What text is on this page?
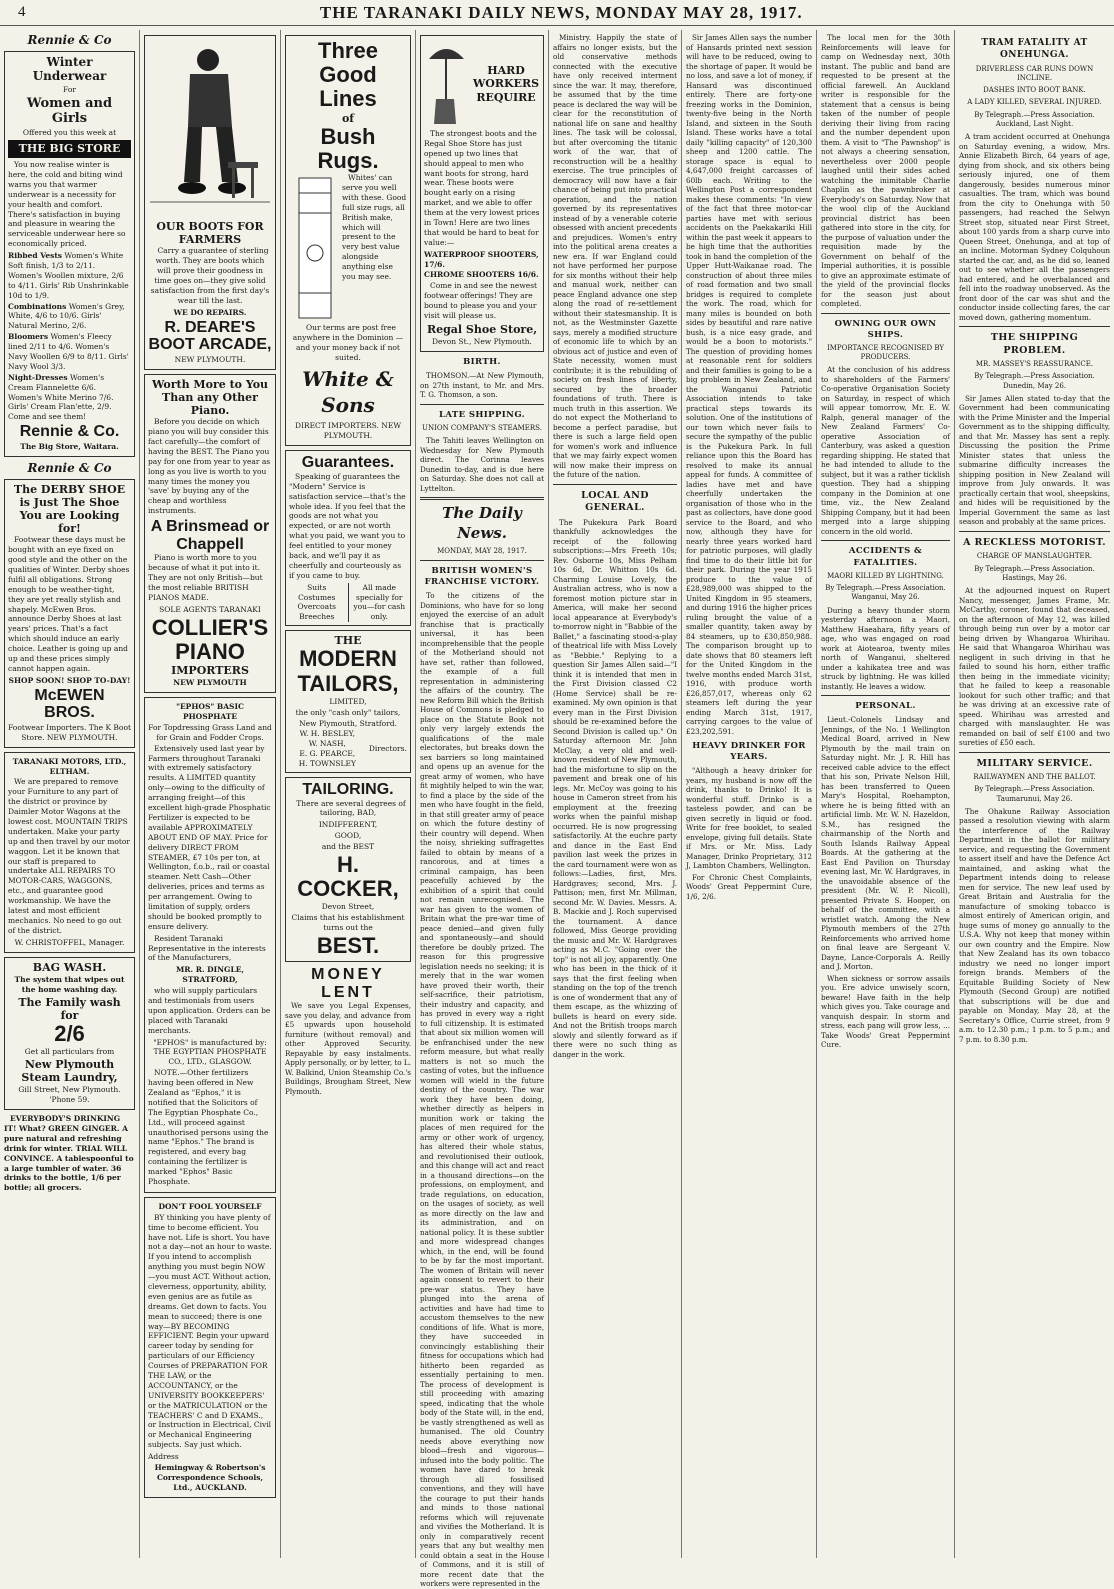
4	THE TARANAKI DAILY NEWS, MONDAY MAY 28, 1917.
Rennie & Co
Winter Underwear
For
Women and Girls
Offered you this week at
THE BIG STORE

You now realise winter is here, the cold and biting wind warns you that warmer underwear is a necessity for your health and comfort. There's satisfaction in buying and pleasure in wearing the serviceable underwear here so economically priced.

Ribbed Vests Women's White Soft finish, 1/3 to 2/11. Women's Woollen mixture, 2/6 to 4/11. Girls' Rib Unshrinkable 10d to 1/9.
Combinations Women's Grey, White, 4/6 to 10/6. Girls' Natural Merino, 2/6.
Bloomers Women's Fleecy lined 2/11 to 4/6. Women's Navy Woollen 6/9 to 8/11. Girls' Navy Wool 3/3.
Night-Dresses Women's Cream Flannelette 6/6. Women's White Merino 7/6. Girls' Cream Flan'ette, 2/9. Come and see them!
Rennie & Co.
The Big Store, Waitara.
Rennie & Co
The DERBY SHOE is Just The Shoe You are Looking for!

Footwear these days must be bought with an eye fixed on good style and the other on the qualities of Winter. Derby shoes fulfil all obligations. Strong enough to be weather-tight, they are yet really stylish and shapely. McEwen Bros. announce Derby Shoes at last years' prices. That's a fact which should induce an early choice. Leather is going up and up and these prices simply cannot happen again.

SHOP SOON! SHOP TO-DAY!
McEWEN BROS.
Footwear Importers. The K Boot Store. NEW PLYMOUTH.
TARANAKI MOTORS, LTD., ELTHAM.

We are prepared to remove your Furniture to any part of the district or province by Daimler Motor Wagons at the lowest cost. MOUNTAIN TRIPS undertaken. Make your party up and then travel by our motor waggon. Let it be known that our staff is prepared to undertake ALL REPAIRS TO MOTOR-CARS, WAGGONS, etc., and guarantee good workmanship. We have the latest and most efficient mechanics. No need to go out of the district.

W. CHRISTOFFEL, Manager.
BAG WASH.
The system that wipes out the home washing day.
The Family wash for
2/6
Get all particulars from
New Plymouth Steam Laundry,
Gill Street, New Plymouth. 'Phone 59.

EVERYBODY'S DRINKING IT! What? GREEN GINGER. A pure natural and refreshing drink for winter. TRIAL WILL CONVINCE. A tablespoonful to a large tumbler of water. 36 drinks to the bottle, 1/6 per bottle; all grocers.

OUR BOOTS FOR FARMERS

Carry a guarantee of sterling worth. They are boots which will prove their goodness in time goes on—they give solid satisfaction from the first day's wear till the last.

WE DO REPAIRS.
R. DEARE'S BOOT ARCADE,
NEW PLYMOUTH.
Worth More to You Than any Other Piano.

Before you decide on which piano you will buy consider this fact carefully—the comfort of having the BEST. The Piano you pay for one from year to year as long as you live is worth to you many times the money you 'save' by buying any of the cheap and worthless instruments.

A Brinsmead or Chappell

Piano is worth more to you because of what it put into it. They are not only British—but the most reliable BRITISH PIANOS MADE.

SOLE AGENTS TARANAKI
COLLIER'S
PIANO
IMPORTERS
NEW PLYMOUTH
"EPHOS" BASIC PHOSPHATE
For Topdressing Grass Land and for Grain and Fodder Crops.

Extensively used last year by Farmers throughout Taranaki with extremely satisfactory results. A LIMITED quantity only—owing to the difficulty of arranging freight—of this excellent high-grade Phosphatic Fertilizer is expected to be available APPROXIMATELY ABOUT END OF MAY. Price for delivery DIRECT FROM STEAMER, £7 10s per ton, at Wellington, f.o.b., rail or coastal steamer. Nett Cash—Other deliveries, prices and terms as per arrangement. Owing to limitation of supply, orders should be booked promptly to ensure delivery.

Resident Taranaki Representative in the interests of the Manufacturers,

MR. R. DINGLE, STRATFORD,

who will supply particulars and testimonials from users upon application. Orders can be placed with Taranaki merchants.

"EPHOS" is manufactured by: THE EGYPTIAN PHOSPHATE CO., LTD., GLASGOW.

NOTE.—Other fertilizers having been offered in New Zealand as "Ephos," it is notified that the Solicitors of The Egyptian Phosphate Co., Ltd., will proceed against unauthorised persons using the name "Ephos." The brand is registered, and every bag containing the fertilizer is marked "Ephos" Basic Phosphate.

DON'T FOOL YOURSELF

BY thinking you have plenty of time to become efficient. You have not. Life is short. You have not a day—not an hour to waste. If you intend to accomplish anything you must begin NOW—you must ACT. Without action, cleverness, opportunity, ability, even genius are as futile as dreams. Get down to facts. You mean to succeed; there is one way—BY BECOMING EFFICIENT. Begin your upward career today by sending for particulars of our Efficiency Courses of PREPARATION FOR THE LAW, or the ACCOUNTANCY, or the UNIVERSITY BOOKKEEPERS' or the MATRICULATION or the TEACHERS' C and D EXAMS., or Instruction in Electrical, Civil or Mechanical Engineering subjects. Say just which.

Address
Hemingway & Robertson's Correspondence Schools, Ltd., AUCKLAND.
Three
Good Lines
of
Bush Rugs.

Whites' can serve you well with these. Good full size rugs, all British make, which will present to the very best value alongside anything else you may see.

Our terms are post free anywhere in the Dominion — and your money back if not suited.

White & Sons
DIRECT IMPORTERS. NEW PLYMOUTH.
Guarantees.

Speaking of guarantees the "Modern" Service is satisfaction service—that's the whole idea. If you feel that the goods are not what you expected, or are not worth what you paid, we want you to feel entitled to your money back, and we'll pay it as cheerfully and courteously as if you came to buy.

Suits
Costumes
Overcoats
Breeches
All made specially for you—for cash only.
THE
MODERN
TAILORS,
LIMITED,
the only "cash only" tailors,
New Plymouth, Stratford.
W. H. BESLEY,
W. NASH,
E. G. PEARCE,
H. TOWNSLEY
Directors.
TAILORING.

There are several degrees of tailoring, BAD,

INDIFFERENT,
GOOD,
and the BEST
H. COCKER,
Devon Street,
Claims that his establishment turns out the
BEST.
MONEY LENT

We save you Legal Expenses, save you delay, and advance from £5 upwards upon household furniture (without removal) and other Approved Security. Repayable by easy instalments. Apply personally, or by letter, to L. W. Balkind, Union Steamship Co.'s Buildings, Brougham Street, New Plymouth.

HARD WORKERS REQUIRE

The strongest boots and the Regal Shoe Store has just opened up two lines that should appeal to men who want boots for strong, hard wear. These boots were bought early on a rising market, and we able to offer them at the very lowest prices in Town! Here are two lines that would be hard to beat for value:—

WATERPROOF SHOOTERS, 17/6.
CHROME SHOOTERS 16/6.

Come in and see the newest footwear offerings! They are bound to please you and your visit will please us.

Regal Shoe Store,
Devon St., New Plymouth.
BIRTH.

THOMSON.—At New Plymouth, on 27th instant, to Mr. and Mrs. T. G. Thomson, a son.

LATE SHIPPING.
UNION COMPANY'S STEAMERS.

The Tahiti leaves Wellington on Wednesday for New Plymouth direct. The Corinna leaves Dunedin to-day, and is due here on Saturday. She does not call at Lyttelton.

The Daily News.
MONDAY, MAY 28, 1917.
BRITISH WOMEN'S FRANCHISE VICTORY.

To the citizens of the Dominions, who have for so long enjoyed the exercise of an adult franchise that is practically universal, it has been incomprehensible that the people of the Motherland should not have set, rather than followed, the example of a full representation in administering the affairs of the country. The new Reform Bill which the British House of Commons is pledged to place on the Statute Book not only very largely extends the qualifications of the male electorates, but breaks down the sex barriers so long maintained and opens up an avenue for the great army of women, who have fit mightily helped to win the war, to find a place by the side of the men who have fought in the field, in that still greater army of peace on which the future destiny of their country will depend. When the noisy, shrieking suffragettes failed to obtain by means of a rancorous, and at times a criminal campaign, has been peacefully achieved by the exhibition of a spirit that could not remain unrecognised. The war has given to the women of Britain what the pre-war time of peace denied—and given fully and spontaneously—and should therefore be doubly prized. The reason for this progressive legislation needs no seeking; it is merely that in the war women have proved their worth, their self-sacrifice, their patriotism, their industry and capacity, and has proved in every way a right to full citizenship. It is estimated that about six million women will be enfranchised under the new reform measure, but what really matters is not so much the casting of votes, but the influence women will wield in the future destiny of the country. The war work they have been doing, whether directly as helpers in munition work or taking the places of men required for the army or other work of urgency, has altered their whole status, and revolutionised their outlook, and this change will act and react in a thousand directions—on the professions, on employment, and trade regulations, on education, on the usages of society, as well as more directly on the law and its administration, and on national policy. It is these subtler and more widespread changes which, in the end, will be found to be by far the most important. The women of Britain will never again consent to revert to their pre-war status. They have plunged into the arena of activities and have had time to accustom themselves to the new conditions of life. What is more, they have succeeded in convincingly establishing their fitness for occupations which had hitherto been regarded as essentially pertaining to men. The process of development is still proceeding with amazing speed, indicating that the whole body of the State will, in the end, be vastly strengthened as well as humanised. The old Country needs above everything now blood—fresh and vigorous—infused into the body politic. The women have dared to break through all fossilised conventions, and they will have the courage to put their hands and minds to those national reforms which will rejuvenate and vivifies the Motherland. It is only in comparatively recent years that any but wealthy men could obtain a seat in the House of Commons, and it is still of more recent date that the workers were represented in the

Ministry. Happily the state of affairs no longer exists, but the old conservative methods connected with the executive have only received interment since the war. It may, therefore, be assumed that by the time peace is declared the way will be clear for the reconstitution of national life on sane and healthy lines. The task will be colossal, but after overcoming the titanic work of the war, that of reconstruction will be a healthy exercise. The true principles of democracy will now have a fair chance of being put into practical operation, and the nation governed by its representatives instead of by a venerable coterie obsessed with ancient precedents and prejudices. Women's entry into the political arena creates a new era. If war England could not have performed her purpose for six months without their help and manual work, neither can peace England advance one step along the road of re-settlement without their statesmanship. It is not, as the Westminster Gazette says, merely a modified structure of economic life to which by an obvious act of justice and even of State necessity, women must contribute; it is the rebuilding of society on fresh lines of liberty, secured by the broader foundations of truth. There is much truth in this assertion. We do not expect the Motherland to become a perfect paradise, but there is such a large field open for women's work and influence that we may fairly expect women will now make their impress on the future of the nation.

LOCAL AND GENERAL.

The Pukekura Park Board thankfully acknowledges the receipt of the following subscriptions:—Mrs Freeth 10s; Rev. Osborne 10s, Miss Pelham 10s 6d, Dr. Whitton 10s 6d. Charming Louise Lovely, the Australian actress, who is now a foremost motion picture star in America, will make her second local appearance at Everybody's to-morrow night in "Babbie of the Ballet," a fascinating stood-a-play of theatrical life with Miss Lovely as "Bebbie." Replying to a question Sir James Allen said—"I think it is intended that men in the First Division classed C2 (Home Service) shall be re-examined. My own opinion is that every man in the First Division should be re-examined before the Second Division is called up." On Saturday afternoon Mr. John McClay, a very old and well-known resident of New Plymouth, had the misfortune to slip on the pavement and break one of his legs. Mr. McCoy was going to his house in Cameron street from his employment at the freezing works when the painful mishap occurred. He is now progressing satisfactorily. At the euchre party and dance in the East End pavilion last week the prizes in the card tournament were won as follows:—Ladies, first, Mrs. Hardgraves; second, Mrs. J. Pattison; men, first Mr. Millman, second Mr. W. Davies. Messrs. A. B. Mackie and J. Roch supervised the tournament. A dance followed, Miss George providing the music and Mr. W. Hardgraves acting as M.C. "Going over the top" is not all joy, apparently. One who has been in the thick of it says that the first feeling when standing on the top of the trench is one of wonderment that any of them escape, as the whizzing of bullets is heard on every side. And not the British troops march slowly and silently forward as if there were no such thing as danger in the work.

Sir James Allen says the number of Hansards printed next session will have to be reduced, owing to the shortage of paper. It would be no loss, and save a lot of money, if Hansard was discontinued entirely. There are forty-one freezing works in the Dominion, twenty-five being in the North Island, and sixteen in the South Island. These works have a total daily "killing capacity" of 120,300 sheep and 1200 cattle. The storage space is equal to 4,647,000 freight carcasses of 60lb each. Writing to the Wellington Post a correspondent makes these comments: "In view of the fact that three motor-car parties have met with serious accidents on the Paekakariki Hill within the past week it appears to be high time that the authorities took in hand the completion of the Upper Hutt-Waikanae road. The construction of about three miles of road formation and two small bridges is required to complete the work. The road, which for many miles is bounded on both sides by beautiful and rare native bush, is a nice easy grade, and would be a boon to motorists." The question of providing homes at reasonable rent for soldiers and their families is going to be a big problem in New Zealand, and the Wanganui Patriotic Association intends to take practical steps towards its solution. One of the institutions of our town which never fails to secure the sympathy of the public is the Pukekura Park. In full reliance upon this the Board has resolved to make its annual appeal for funds. A committee of ladies have met and have cheerfully undertaken the organisation of those who in the past as collectors, have done good service to the Board, and who now, although they have for nearly three years worked hard for patriotic purposes, will gladly find time to do their little bit for their park. During the year 1915 produce to the value of £28,989,000 was shipped to the United Kingdom in 95 steamers, and during 1916 the higher prices ruling brought the value of a smaller quantity, taken away by 84 steamers, up to £30,850,988. The comparison brought up to date shows that 80 steamers left for the United Kingdom in the twelve months ended March 31st, 1916, with produce worth £26,857,017, whereas only 62 steamers left during the year ending March 31st, 1917, carrying cargoes to the value of £23,202,591.

HEAVY DRINKER FOR YEARS.

"Although a heavy drinker for years, my husband is now off the drink, thanks to Drinko! It is wonderful stuff. Drinko is a tasteless powder, and can be given secretly in liquid or food. Write for free booklet, to sealed envelope, giving full details. State if Mrs. or Mr. Miss. Lady Manager, Drinko Proprietary, 312 J, Lambton Chambers, Wellington.

For Chronic Chest Complaints, Woods' Great Peppermint Cure, 1/6, 2/6.

The local men for the 30th Reinforcements will leave for camp on Wednesday next, 30th instant. The public and band are requested to be present at the official farewell. An Auckland writer is responsible for the statement that a census is being taken of the number of people deriving their living from racing and the number dependent upon them. A visit to "The Pawnshop" is not always a cheering sensation, nevertheless over 2000 people laughed until their sides ached watching the inimitable Charlie Chaplin as the pawnbroker at Everybody's on Saturday. Now that the wool clip of the Auckland provincial district has been gathered into store in the city, for the purpose of valuation under the requisition made by the Government on behalf of the Imperial authorities, it is possible to give an approximate estimate of the yield of the provincial flocks for the season just about completed.

OWNING OUR OWN SHIPS.
IMPORTANCE RECOGNISED BY PRODUCERS.

At the conclusion of his address to shareholders of the Farmers' Co-operative Organisation Society on Saturday, in respect of which will appear tomorrow, Mr. E. W. Ralph, general manager of the New Zealand Farmers' Co-operative Association of Canterbury, was asked a question regarding shipping. He stated that he had intended to allude to the subject, but it was a rather ticklish question. They had a shipping company in the Dominion at one time, viz., the New Zealand Shipping Company, but it had been merged into a large shipping concern in the old world.

ACCIDENTS & FATALITIES.
MAORI KILLED BY LIGHTNING.
By Telegraph.—Press Association. Wanganui, May 26.

During a heavy thunder storm yesterday afternoon a Maori, Matthew Haeahara, fifty years of age, who was engaged on road work at Aiotearoa, twenty miles north of Wanganui, sheltered under a kahikatea tree and was struck by lightning. He was killed instantly. He leaves a widow.

PERSONAL.

Lieut.-Colonels Lindsay and Jennings, of the No. 1 Wellington Medical Board, arrived in New Plymouth by the mail train on Saturday night. Mr. J. R. Hill has received cable advice to the effect that his son, Private Nelson Hill, has been transferred to Queen Mary's Hospital, Roehampton, where he is being fitted with an artificial limb. Mr. W. N. Hazeldon, S.M., has resigned the chairmanship of the North and South Islands Railway Appeal Boards. At the gathering at the East End Pavilion on Thursday evening last, Mr. W. Hardgraves, in the unavoidable absence of the president (Mr. W. P. Nicoll), presented Private S. Hooper, on behalf of the committee, with a wristlet watch. Among the New Plymouth members of the 27th Reinforcements who arrived home on final leave are Sergeant V. Dayne, Lance-Corporals A. Reilly and J. Morton.

When sickness or sorrow assails you. Ere advice unwisely scorn, beware! Have faith in the help which gives you. Take courage and vanquish despair. In storm and stress, each pang will grow less, ... Take Woods' Great Peppermint Cure.

TRAM FATALITY AT ONEHUNGA.
DRIVERLESS CAR RUNS DOWN INCLINE.
DASHES INTO BOOT BANK.
A LADY KILLED, SEVERAL INJURED.
By Telegraph.—Press Association. Auckland, Last Night.

A tram accident occurred at Onehunga on Saturday evening, a widow, Mrs. Annie Elizabeth Birch, 64 years of age, dying from shock, and six others being seriously injured, one of them dangerously, besides numerous minor casualties. The tram, which was bound from the city to Onehunga with 50 passengers, had reached the Selwyn Street stop, situated near First Street, about 100 yards from a sharp curve into Queen Street, Onehunga, and at top of an incline. Motorman Sydney Colquhoun started the car, and, as he did so, leaned out to see whether all the passengers had entered, and he overbalanced and fell into the roadway unobserved. As the front door of the car was shut and the conductor inside collecting fares, the car moved down, gathering momentum.

THE SHIPPING PROBLEM.
MR. MASSEY'S REASSURANCE.
By Telegraph.—Press Association. Dunedin, May 26.

Sir James Allen stated to-day that the Government had been communicating with the Prime Minister and the Imperial Government as to the shipping difficulty, and that Mr. Massey has sent a reply. Discussing the position the Prime Minister states that unless the submarine difficulty increases the shipping position in New Zealand will improve from July onwards. It was practically certain that wool, sheepskins, and hides will be requisitioned by the Imperial Government the same as last season and probably at the same prices.

A RECKLESS MOTORIST.
CHARGE OF MANSLAUGHTER.
By Telegraph.—Press Association. Hastings, May 26.

At the adjourned inquest on Rupert Nancy, messenger, James Frame, Mr. McCarthy, coroner, found that deceased, on the afternoon of May 12, was killed through being run over by a motor car being driven by Whangaroa Whirihau. He said that Whangaroa Whirihau was negligent in such driving in that he failed to sound his horn, either traffic then being in the immediate vicinity; that he failed to keep a reasonable lookout for such other traffic; and that he was driving at an excessive rate of speed. Whirihau was arrested and charged with manslaughter. He was remanded on bail of self £100 and two sureties of £50 each.

MILITARY SERVICE.
RAILWAYMEN AND THE BALLOT.
By Telegraph.—Press Association. Taumarunui, May 26.

The Ohakune Railway Association passed a resolution viewing with alarm the interference of the Railway Department in the ballot for military service, and requesting the Government to assert itself and have the Defence Act maintained, and asking what the Department intends doing to release men for service. The new leaf used by Great Britain and Australia for the manufacture of smoking tobacco is almost entirely of American origin, and huge sums of money go annually to the U.S.A. Why not keep that money within our own country and the Empire. Now that New Zealand has its own tobacco industry we need no longer import foreign brands. Members of the Equitable Building Society of New Plymouth (Second Group) are notified that subscriptions will be due and payable on Monday, May 28, at the Secretary's Office, Currie street, from 9 a.m. to 12.30 p.m.; 1 p.m. to 5 p.m.; and 7 p.m. to 8.30 p.m.
